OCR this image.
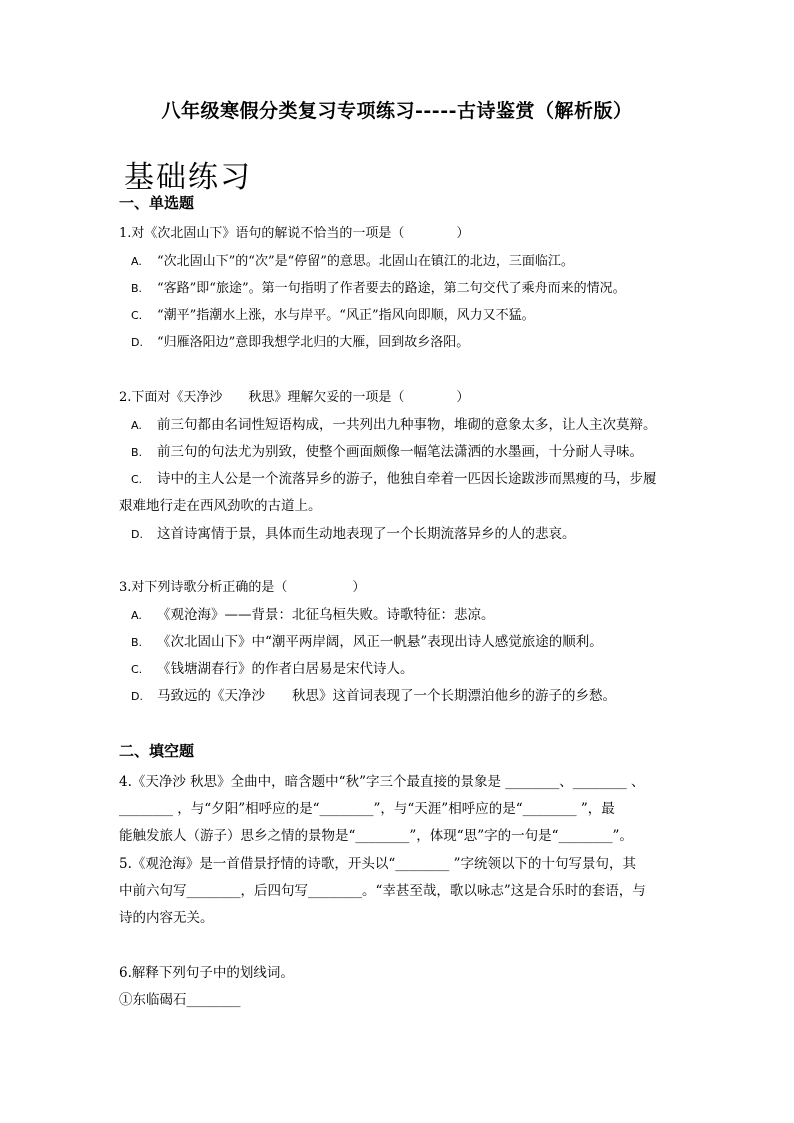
八年级寒假分类复习专项练习-----古诗鉴赏（解析版）
基础练习
一、单选题
1.对《次北固山下》语句的解说不恰当的一项是（　　　　）
A. “次北固山下”的“次”是“停留”的意思。北固山在镇江的北边，三面临江。
B. “客路”即“旅途”。第一句指明了作者要去的路途，第二句交代了乘舟而来的情况。
C. “潮平”指潮水上涨，水与岸平。“风正”指风向即顺，风力又不猛。
D. “归雁洛阳边”意即我想学北归的大雁，回到故乡洛阳。
2.下面对《天净沙　　秋思》理解欠妥的一项是（　　　　）
A. 前三句都由名词性短语构成，一共列出九种事物，堆砌的意象太多，让人主次莫辩。
B. 前三句的句法尤为别致，使整个画面颇像一幅笔法潇洒的水墨画，十分耐人寻味。
C. 诗中的主人公是一个流落异乡的游子，他独自牵着一匹因长途跋涉而黑瘦的马，步履
艰难地行走在西风劲吹的古道上。
D. 这首诗寓情于景，具体而生动地表现了一个长期流落异乡的人的悲哀。
3.对下列诗歌分析正确的是（　　　　　）
A. 《观沧海》——背景：北征乌桓失败。诗歌特征：悲凉。
B. 《次北固山下》中“潮平两岸阔，风正一帆悬”表现出诗人感觉旅途的顺利。
C. 《钱塘湖春行》的作者白居易是宋代诗人。
D. 马致远的《天净沙　　秋思》这首词表现了一个长期漂泊他乡的游子的乡愁。
二、填空题
4.《天净沙 秋思》全曲中，暗含题中“秋”字三个最直接的景象是 ________、________ 、
________ ，与“夕阳”相呼应的是“________”，与“天涯”相呼应的是“________ ”，最
能触发旅人（游子）思乡之情的景物是“________”，体现“思”字的一句是“________”。
5.《观沧海》是一首借景抒情的诗歌，开头以“________ ”字统领以下的十句写景句，其
中前六句写________，后四句写________。“幸甚至哉，歌以咏志”这是合乐时的套语，与
诗的内容无关。
6.解释下列句子中的划线词。
①东临碣石________
